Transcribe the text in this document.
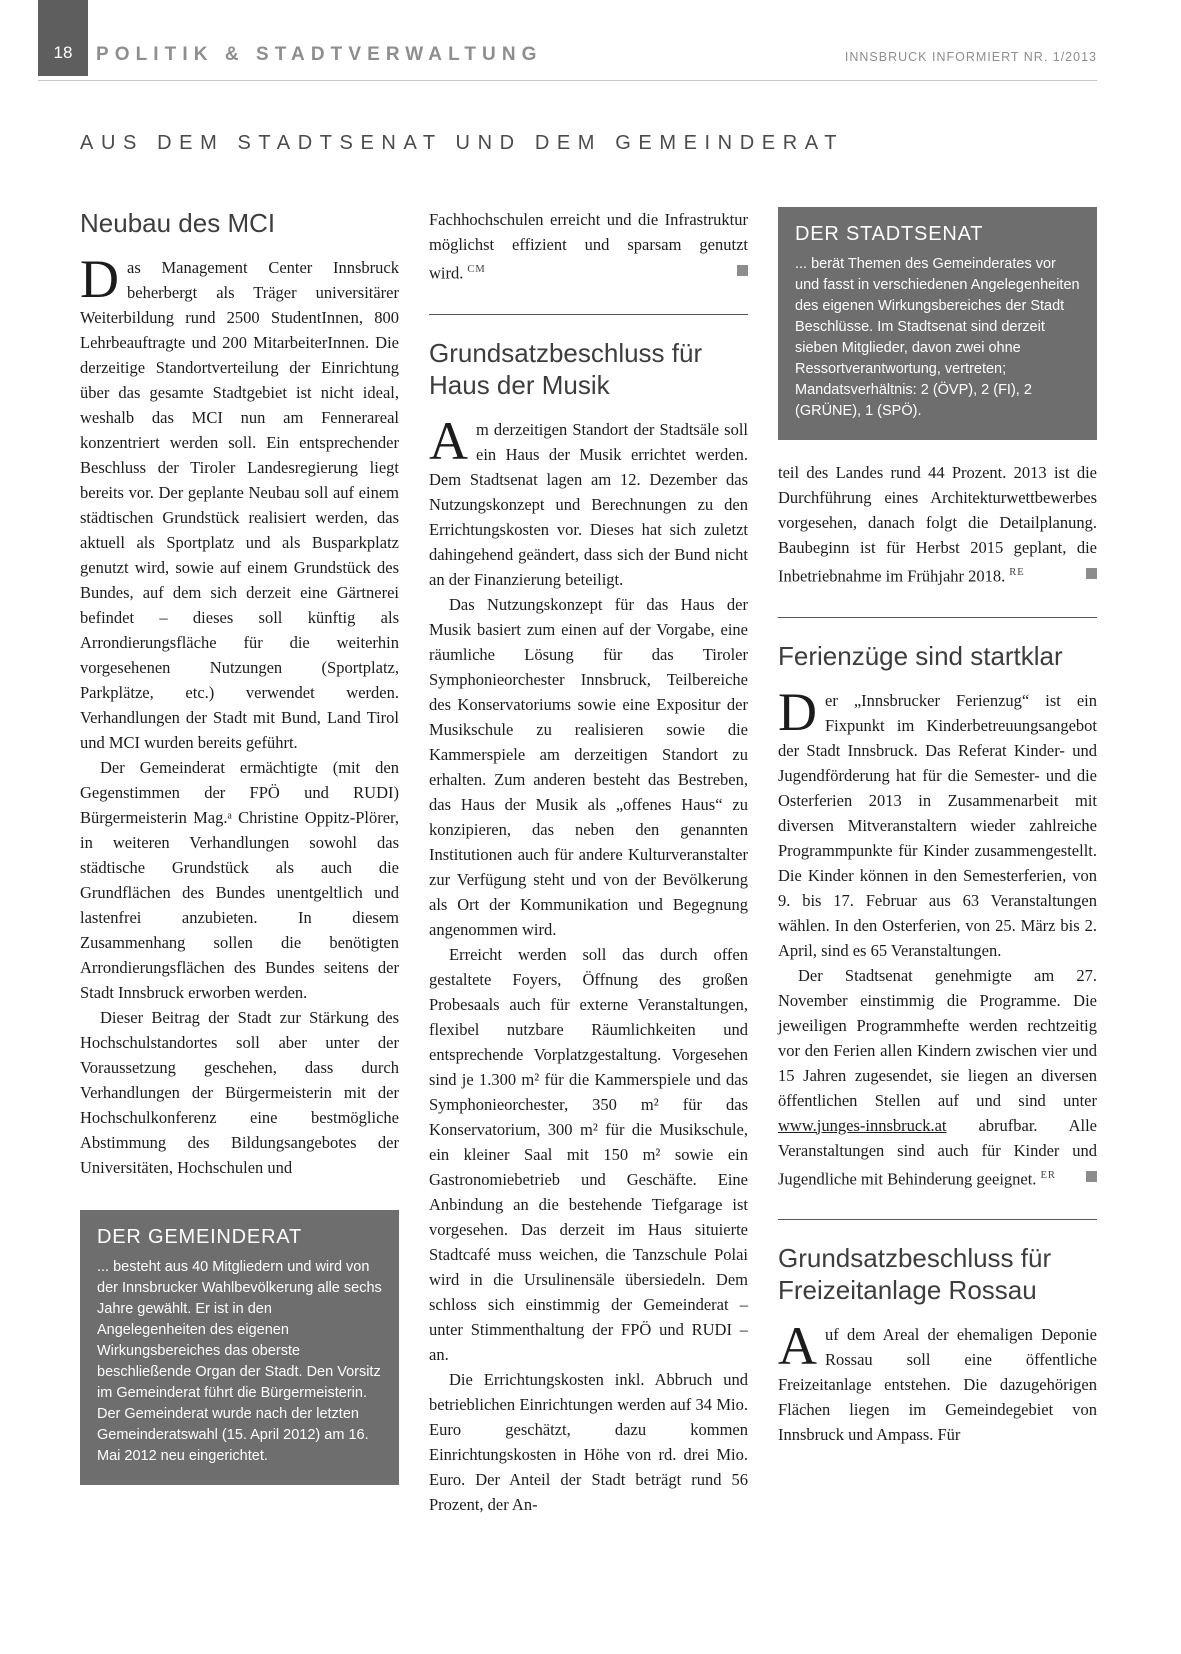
18 POLITIK & STADTVERWALTUNG	INNSBRUCK INFORMIERT NR. 1/2013
AUS DEM STADTSENAT UND DEM GEMEINDERAT
Neubau des MCI

Das Management Center Innsbruck beherbergt als Träger universitärer Weiterbildung rund 2500 StudentInnen, 800 Lehrbeauftragte und 200 MitarbeiterInnen. Die derzeitige Standortverteilung der Einrichtung über das gesamte Stadtgebiet ist nicht ideal, weshalb das MCI nun am Fennerareal konzentriert werden soll. Ein entsprechender Beschluss der Tiroler Landesregierung liegt bereits vor. Der geplante Neubau soll auf einem städtischen Grundstück realisiert werden, das aktuell als Sportplatz und als Busparkplatz genutzt wird, sowie auf einem Grundstück des Bundes, auf dem sich derzeit eine Gärtnerei befindet – dieses soll künftig als Arrondierungsfläche für die weiterhin vorgesehenen Nutzungen (Sportplatz, Parkplätze, etc.) verwendet werden. Verhandlungen der Stadt mit Bund, Land Tirol und MCI wurden bereits geführt.

Der Gemeinderat ermächtigte (mit den Gegenstimmen der FPÖ und RUDI) Bürgermeisterin Mag.ᵃ Christine Oppitz-Plörer, in weiteren Verhandlungen sowohl das städtische Grundstück als auch die Grundflächen des Bundes unentgeltlich und lastenfrei anzubieten. In diesem Zusammenhang sollen die benötigten Arrondierungsflächen des Bundes seitens der Stadt Innsbruck erworben werden.

Dieser Beitrag der Stadt zur Stärkung des Hochschulstandortes soll aber unter der Voraussetzung geschehen, dass durch Verhandlungen der Bürgermeisterin mit der Hochschulkonferenz eine bestmögliche Abstimmung des Bildungsangebotes der Universitäten, Hochschulen und

DER GEMEINDERAT

... besteht aus 40 Mitgliedern und wird von der Innsbrucker Wahlbevölkerung alle sechs Jahre gewählt. Er ist in den Angelegenheiten des eigenen Wirkungsbereiches das oberste beschließende Organ der Stadt. Den Vorsitz im Gemeinderat führt die Bürgermeisterin. Der Gemeinderat wurde nach der letzten Gemeinderatswahl (15. April 2012) am 16. Mai 2012 neu eingerichtet.

Fachhochschulen erreicht und die Infrastruktur möglichst effizient und sparsam genutzt wird. $^{CM}$

Grundsatzbeschluss für Haus der Musik

Am derzeitigen Standort der Stadtsäle soll ein Haus der Musik errichtet werden. Dem Stadtsenat lagen am 12. Dezember das Nutzungskonzept und Berechnungen zu den Errichtungskosten vor. Dieses hat sich zuletzt dahingehend geändert, dass sich der Bund nicht an der Finanzierung beteiligt.

Das Nutzungskonzept für das Haus der Musik basiert zum einen auf der Vorgabe, eine räumliche Lösung für das Tiroler Symphonieorchester Innsbruck, Teilbereiche des Konservatoriums sowie eine Expositur der Musikschule zu realisieren sowie die Kammerspiele am derzeitigen Standort zu erhalten. Zum anderen besteht das Bestreben, das Haus der Musik als „offenes Haus“ zu konzipieren, das neben den genannten Institutionen auch für andere Kulturveranstalter zur Verfügung steht und von der Bevölkerung als Ort der Kommunikation und Begegnung angenommen wird.

Erreicht werden soll das durch offen gestaltete Foyers, Öffnung des großen Probesaals auch für externe Veranstaltungen, flexibel nutzbare Räumlichkeiten und entsprechende Vorplatzgestaltung. Vorgesehen sind je 1.300 m² für die Kammerspiele und das Symphonieorchester, 350 m² für das Konservatorium, 300 m² für die Musikschule, ein kleiner Saal mit 150 m² sowie ein Gastronomiebetrieb und Geschäfte. Eine Anbindung an die bestehende Tiefgarage ist vorgesehen. Das derzeit im Haus situierte Stadtcafé muss weichen, die Tanzschule Polai wird in die Ursulinensäle übersiedeln. Dem schloss sich einstimmig der Gemeinderat – unter Stimmenthaltung der FPÖ und RUDI – an.

Die Errichtungskosten inkl. Abbruch und betrieblichen Einrichtungen werden auf 34 Mio. Euro geschätzt, dazu kommen Einrichtungskosten in Höhe von rd. drei Mio. Euro. Der Anteil der Stadt beträgt rund 56 Prozent, der An-

DER STADTSENAT

... berät Themen des Gemeinderates vor und fasst in verschiedenen Angelegenheiten des eigenen Wirkungsbereiches der Stadt Beschlüsse. Im Stadtsenat sind derzeit sieben Mitglieder, davon zwei ohne Ressortverantwortung, vertreten; Mandatsverhältnis: 2 (ÖVP), 2 (FI), 2 (GRÜNE), 1 (SPÖ).

teil des Landes rund 44 Prozent. 2013 ist die Durchführung eines Architekturwettbewerbes vorgesehen, danach folgt die Detailplanung. Baubeginn ist für Herbst 2015 geplant, die Inbetriebnahme im Frühjahr 2018. $^{RE}$

Ferienzüge sind startklar

Der „Innsbrucker Ferienzug“ ist ein Fixpunkt im Kinderbetreuungsangebot der Stadt Innsbruck. Das Referat Kinder- und Jugendförderung hat für die Semester- und die Osterferien 2013 in Zusammenarbeit mit diversen Mitveranstaltern wieder zahlreiche Programmpunkte für Kinder zusammengestellt. Die Kinder können in den Semesterferien, von 9. bis 17. Februar aus 63 Veranstaltungen wählen. In den Osterferien, von 25. März bis 2. April, sind es 65 Veranstaltungen.

Der Stadtsenat genehmigte am 27. November einstimmig die Programme. Die jeweiligen Programmhefte werden rechtzeitig vor den Ferien allen Kindern zwischen vier und 15 Jahren zugesendet, sie liegen an diversen öffentlichen Stellen auf und sind unter www.junges-innsbruck.at abrufbar. Alle Veranstaltungen sind auch für Kinder und Jugendliche mit Behinderung geeignet. $^{ER}$

Grundsatzbeschluss für Freizeitanlage Rossau

Auf dem Areal der ehemaligen Deponie Rossau soll eine öffentliche Freizeitanlage entstehen. Die dazugehörigen Flächen liegen im Gemeindegebiet von Innsbruck und Ampass. Für
